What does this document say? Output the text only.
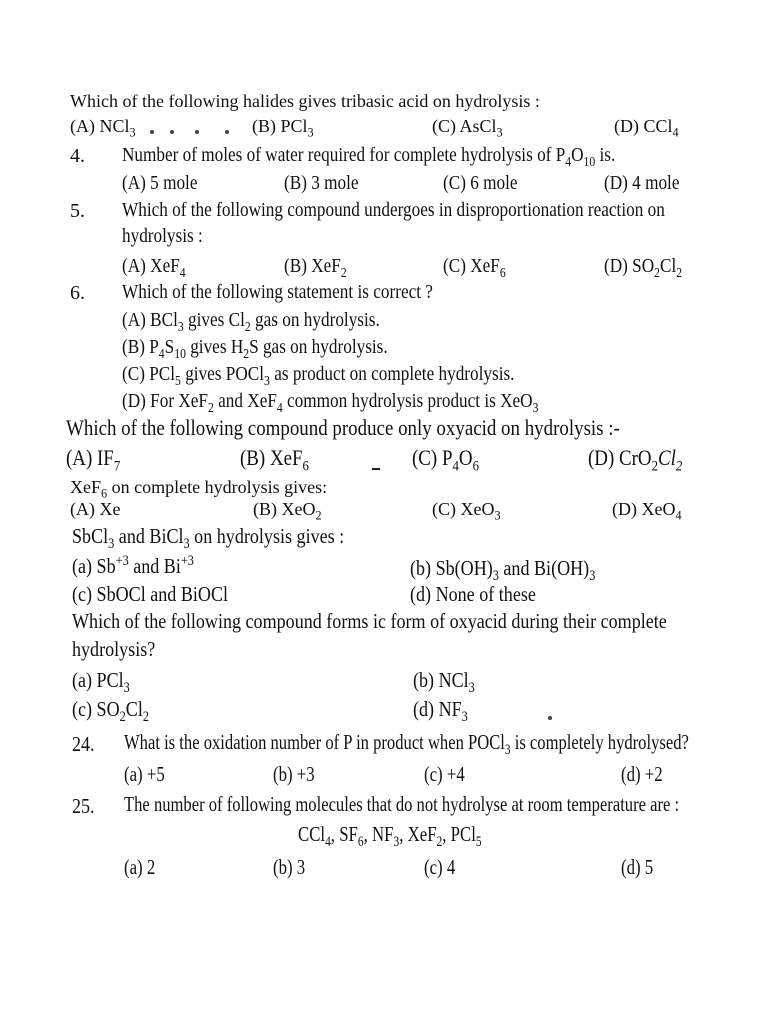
Which of the following halides gives tribasic acid on hydrolysis :
(A) NCl$_3$	(B) PCl$_3$	(C) AsCl$_3$	(D) CCl$_4$
4. Number of moles of water required for complete hydrolysis of $P_4O_{10}$ is.
(A) 5 mole	(B) 3 mole	(C) 6 mole	(D) 4 mole
5. Which of the following compound undergoes in disproportionation reaction on
hydrolysis :
(A) XeF$_4$	(B) XeF$_2$	(C) XeF$_6$	(D) $SO_2Cl_2$
6. Which of the following statement is correct ?
(A) BCl$_3$ gives $Cl_2$ gas on hydrolysis.
(B) $P_4S_{10}$ gives $H_2S$ gas on hydrolysis.
(C) PCl$_5$ gives POCl$_3$ as product on complete hydrolysis.
(D) For XeF$_2$ and XeF$_4$ common hydrolysis product is XeO$_3$
Which of the following compound produce only oxyacid on hydrolysis :-
(A) $IF_7$	(B) XeF$_6$	(C) $P_4O_6$	(D) $CrO_2Cl_2$
XeF$_6$ on complete hydrolysis gives:
(A) Xe	(B) XeO$_2$	(C) XeO$_3$	(D) XeO$_4$
SbCl$_3$ and BiCl$_3$ on hydrolysis gives :
(a) $Sb^{+3}$ and $Bi^{+3}$	(b) $Sb(OH)_3$ and $Bi(OH)_3$
(c) SbOCl and BiOCl	(d) None of these
Which of the following compound forms ic form of oxyacid during their complete
hydrolysis?
(a) PCl$_3$	(b) NCl$_3$
(c) $SO_2Cl_2$	(d) $NF_3$
24. What is the oxidation number of P in product when POCl$_3$ is completely hydrolysed?
(a) +5	(b) +3	(c) +4	(d) +2
25. The number of following molecules that do not hydrolyse at room temperature are :
CCl$_4$, $SF_6$, $NF_3$, XeF$_2$, PCl$_5$
(a) 2	(b) 3	(c) 4	(d) 5
